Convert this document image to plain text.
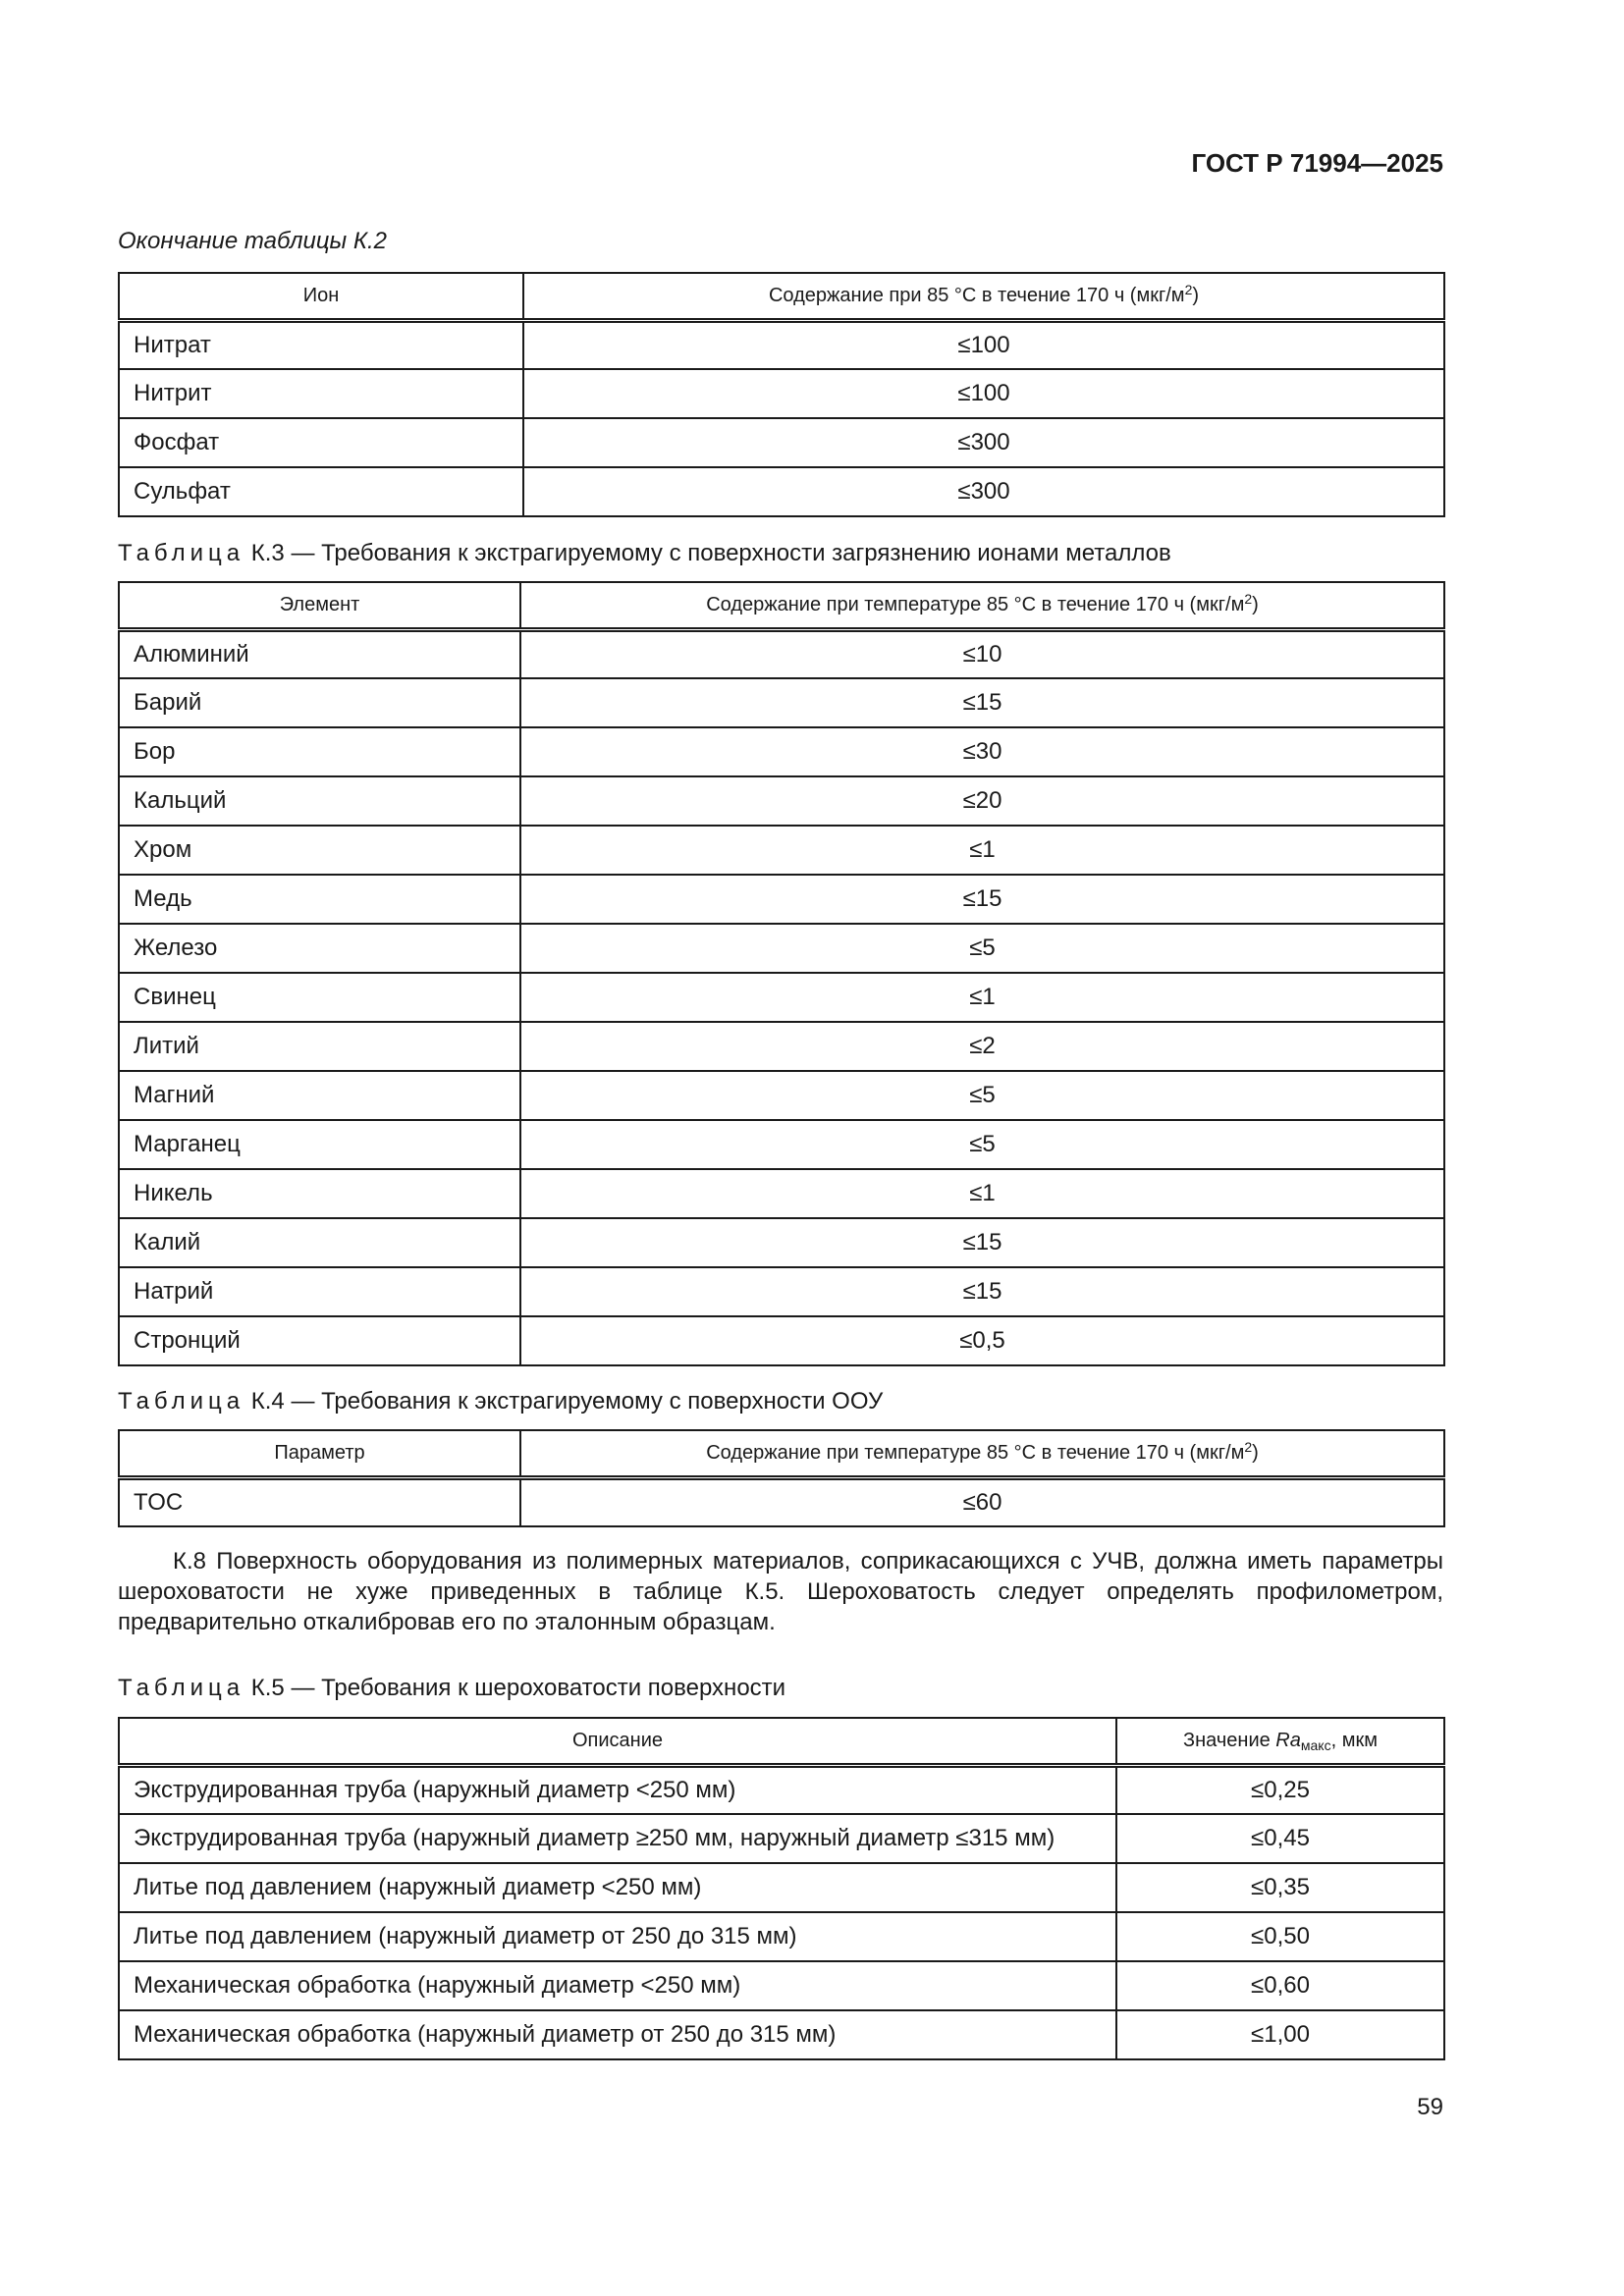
ГОСТ Р 71994—2025
Окончание таблицы К.2
Ион	Содержание при 85 °C в течение 170 ч $(мкг/м^2)$
Нитрат	≤100
Нитрит	≤100
Фосфат	≤300
Сульфат	≤300
Таблица К.3 — Требования к экстрагируемому с поверхности загрязнению ионами металлов
Элемент	Содержание при температуре 85 °C в течение 170 ч $(мкг/м^2)$
Алюминий	≤10
Барий	≤15
Бор	≤30
Кальций	≤20
Хром	≤1
Медь	≤15
Железо	≤5
Свинец	≤1
Литий	≤2
Магний	≤5
Марганец	≤5
Никель	≤1
Калий	≤15
Натрий	≤15
Стронций	≤0,5
Таблица К.4 — Требования к экстрагируемому с поверхности ООУ
Параметр	Содержание при температуре 85 °C в течение 170 ч $(мкг/м^2)$
TOC	≤60
К.8 Поверхность оборудования из полимерных материалов, соприкасающихся с УЧВ, должна иметь параметры шероховатости не хуже приведенных в таблице К.5. Шероховатость следует определять профилометром, предварительно откалибровав его по эталонным образцам.
Таблица К.5 — Требования к шероховатости поверхности
Описание	Значение $Ra_{макс}$, мкм
Экструдированная труба (наружный диаметр <250 мм)	≤0,25
Экструдированная труба (наружный диаметр ≥250 мм, наружный диаметр ≤315 мм)	≤0,45
Литье под давлением (наружный диаметр <250 мм)	≤0,35
Литье под давлением (наружный диаметр от 250 до 315 мм)	≤0,50
Механическая обработка (наружный диаметр <250 мм)	≤0,60
Механическая обработка (наружный диаметр от 250 до 315 мм)	≤1,00
59
